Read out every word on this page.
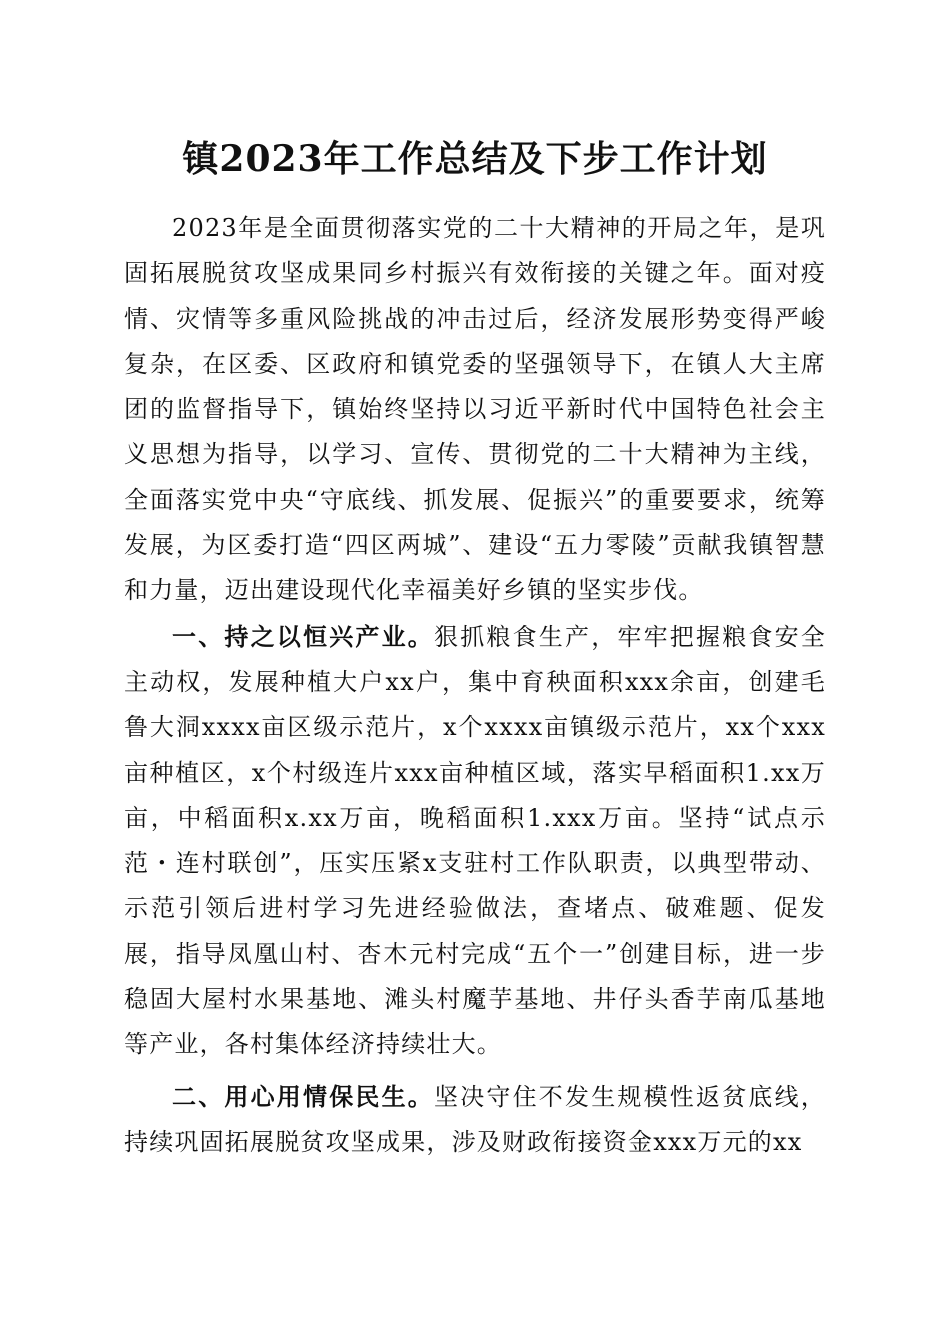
镇2023年工作总结及下步工作计划

2023年是全面贯彻落实党的二十大精神的开局之年，是巩固拓展脱贫攻坚成果同乡村振兴有效衔接的关键之年。面对疫情、灾情等多重风险挑战的冲击过后，经济发展形势变得严峻复杂，在区委、区政府和镇党委的坚强领导下，在镇人大主席团的监督指导下，镇始终坚持以习近平新时代中国特色社会主义思想为指导，以学习、宣传、贯彻党的二十大精神为主线，全面落实党中央“守底线、抓发展、促振兴”的重要要求，统筹发展，为区委打造“四区两城”、建设“五力零陵”贡献我镇智慧和力量，迈出建设现代化幸福美好乡镇的坚实步伐。

一、持之以恒兴产业。狠抓粮食生产，牢牢把握粮食安全主动权，发展种植大户xx户，集中育秧面积xxx余亩，创建毛鲁大洞xxxx亩区级示范片，x个xxxx亩镇级示范片，xx个xxx亩种植区，x个村级连片xxx亩种植区域，落实早稻面积1.xx万亩，中稻面积x.xx万亩，晚稻面积1.xxx万亩。坚持“试点示范・连村联创”，压实压紧x支驻村工作队职责，以典型带动、示范引领后进村学习先进经验做法，查堵点、破难题、促发展，指导凤凰山村、杏木元村完成“五个一”创建目标，进一步稳固大屋村水果基地、滩头村魔芋基地、井仔头香芋南瓜基地等产业，各村集体经济持续壮大。

二、用心用情保民生。坚决守住不发生规模性返贫底线，持续巩固拓展脱贫攻坚成果，涉及财政衔接资金xxx万元的xx
